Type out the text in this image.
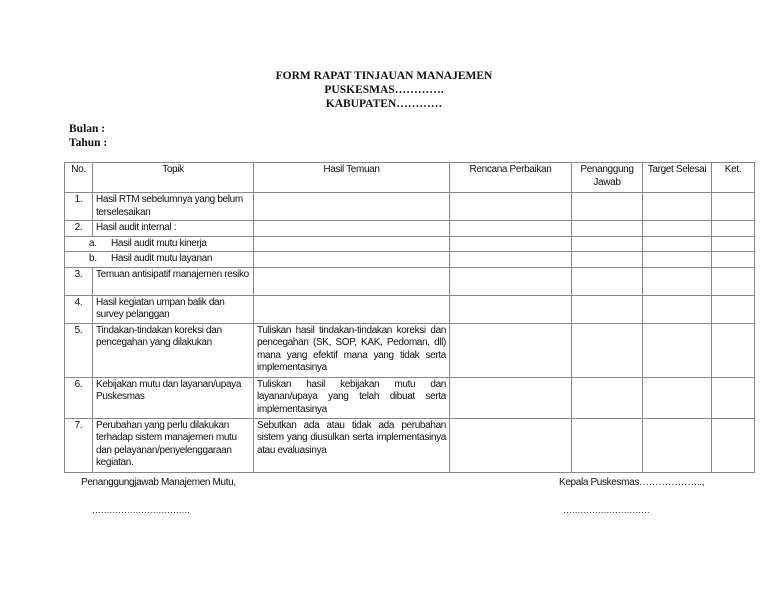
FORM RAPAT TINJAUAN MANAJEMEN
PUSKESMAS………….
KABUPATEN…………
Bulan :
Tahun :
No.	Topik	Hasil Temuan	Rencana Perbaikan	Penanggung Jawab	Target Selesai	Ket.
1.	Hasil RTM sebelumnya yang belum terselesaikan					
2.	Hasil audit internal :					

a. Hasil audit mutu kinerja						

b. Hasil audit mutu layanan						
3.	Temuan antisipatif manajemen resiko					
4.	Hasil kegiatan umpan balik dan survey pelanggan					
5.	Tindakan-tindakan koreksi dan pencegahan yang dilakukan	Tuliskan hasil tindakan-tindakan koreksi dan pencegahan (SK, SOP, KAK, Pedoman, dll) mana yang efektif mana yang tidak serta implementasinya				
6.	Kebijakan mutu dan layanan/upaya Puskesmas	Tuliskan hasil kebijakan mutu dan layanan/upaya yang telah dibuat serta implementasinya				
7.	Perubahan yang perlu dilakukan terhadap sistem manajemen mutu dan pelayanan/penyelenggaraan kegiatan.	Sebutkan ada atau tidak ada perubahan sistem yang diusulkan serta implementasinya atau evaluasinya				
Penanggungjawab Manajemen Mutu,	Kepala Puskesmas………………..,
…………………………….	…………………………
